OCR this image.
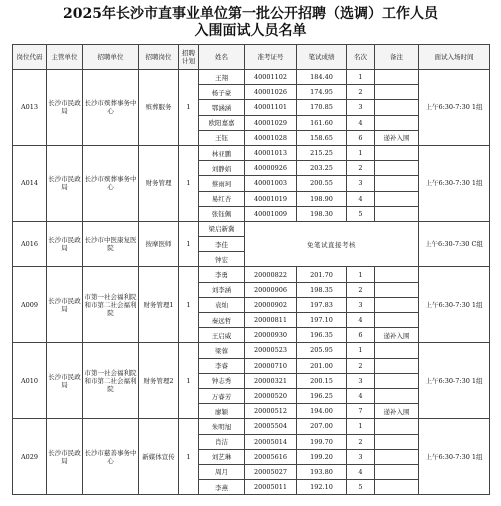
2025年长沙市直事业单位第一批公开招聘（选调）工作人员
入围面试人员名单
岗位代码	主管单位	招聘单位	招聘岗位	招聘计划	姓名	准考证号	笔试成绩	名次	备注	面试入场时间
A013	长沙市民政局	长沙市殡葬事务中心	殡葬服务	1	王翔	40001102	184.40	1		上午6:30-7:30 1组
					杨子豪	40001026	174.95	2		
					鄂涵涵	40001101	170.85	3		
					欧阳嘉嘉	40001029	161.60	4		
					王钰	40001028	158.65	6	递补入围	
A014	长沙市民政局	长沙市殡葬事务中心	财务管理	1	林亚鹏	40001013	215.25	1		上午6:30-7:30 1组
					刘静娟	40000926	203.25	2		
					蔡雨珂	40001003	200.55	3		
					易红杏	40001019	198.90	4		
					张钰佩	40001009	198.30	5		
A016	长沙市民政局	长沙市中医康复医院	按摩医师	1	梁启新冀	免笔试直接考核				上午6:30-7:30 C组
					李佳					
					钟宏					
A009	长沙市民政局	市第一社会福利院和市第二社会福利院	财务管理1	1	李勇	20000822	201.70	1		上午6:30-7:30 1组
					刘李涵	20000906	198.35	2		
					袁灿	20000902	197.83	3		
					秦远哲	20000811	197.10	4		
					王启威	20000930	196.35	6	递补入围	
A010	长沙市民政局	市第一社会福利院和市第二社会福利院	财务管理2	1	梁蓉	20000523	205.95	1		上午6:30-7:30 1组
					李睿	20000710	201.00	2		
					钟志秀	20000321	200.15	3		
					万睿芳	20000520	196.25	4		
					廖颖	20000512	194.00	7	递补入围	
A029	长沙市民政局	长沙市慈善事务中心	新媒体宣传	1	朱明旭	20005504	207.00	1		上午6:30-7:30 1组
					肖洁	20005014	199.70	2		
					刘艺琳	20005616	199.20	3		
					周月	20005027	193.80	4		
					李燕	20005011	192.10	5		
